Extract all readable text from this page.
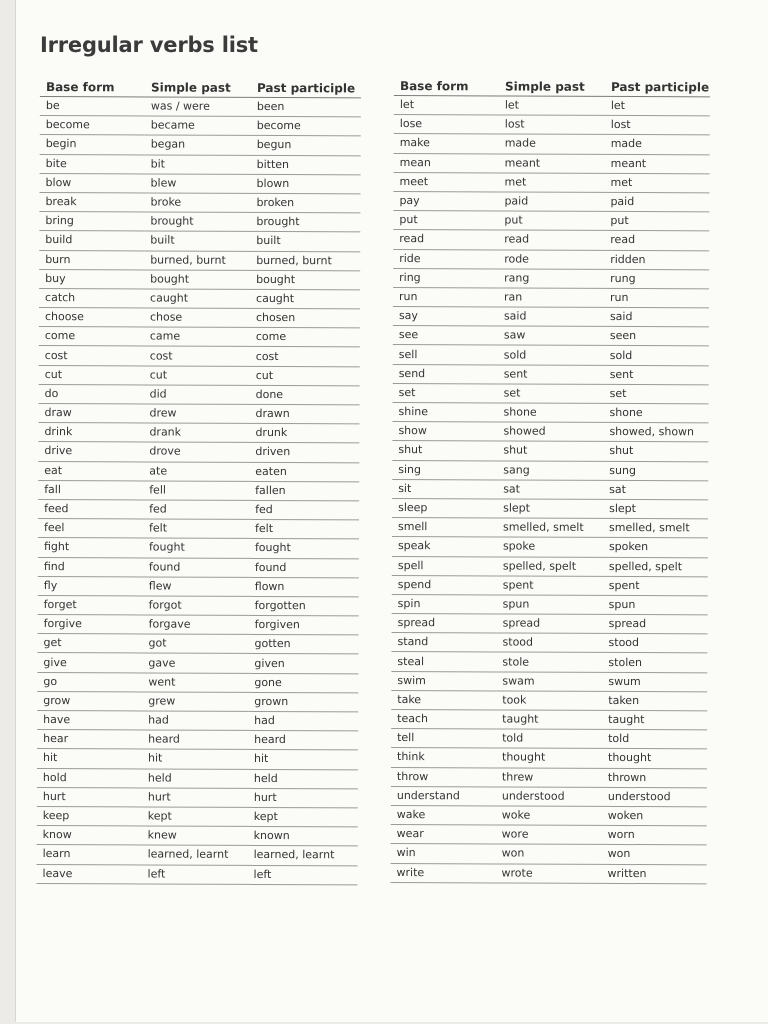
Irregular verbs list
Base form	Simple past	Past participle
be	was / were	been
become	became	become
begin	began	begun
bite	bit	bitten
blow	blew	blown
break	broke	broken
bring	brought	brought
build	built	built
burn	burned, burnt	burned, burnt
buy	bought	bought
catch	caught	caught
choose	chose	chosen
come	came	come
cost	cost	cost
cut	cut	cut
do	did	done
draw	drew	drawn
drink	drank	drunk
drive	drove	driven
eat	ate	eaten
fall	fell	fallen
feed	fed	fed
feel	felt	felt
fight	fought	fought
find	found	found
fly	flew	flown
forget	forgot	forgotten
forgive	forgave	forgiven
get	got	gotten
give	gave	given
go	went	gone
grow	grew	grown
have	had	had
hear	heard	heard
hit	hit	hit
hold	held	held
hurt	hurt	hurt
keep	kept	kept
know	knew	known
learn	learned, learnt	learned, learnt
leave	left	left
Base form	Simple past	Past participle
let	let	let
lose	lost	lost
make	made	made
mean	meant	meant
meet	met	met
pay	paid	paid
put	put	put
read	read	read
ride	rode	ridden
ring	rang	rung
run	ran	run
say	said	said
see	saw	seen
sell	sold	sold
send	sent	sent
set	set	set
shine	shone	shone
show	showed	showed, shown
shut	shut	shut
sing	sang	sung
sit	sat	sat
sleep	slept	slept
smell	smelled, smelt	smelled, smelt
speak	spoke	spoken
spell	spelled, spelt	spelled, spelt
spend	spent	spent
spin	spun	spun
spread	spread	spread
stand	stood	stood
steal	stole	stolen
swim	swam	swum
take	took	taken
teach	taught	taught
tell	told	told
think	thought	thought
throw	threw	thrown
understand	understood	understood
wake	woke	woken
wear	wore	worn
win	won	won
write	wrote	written
